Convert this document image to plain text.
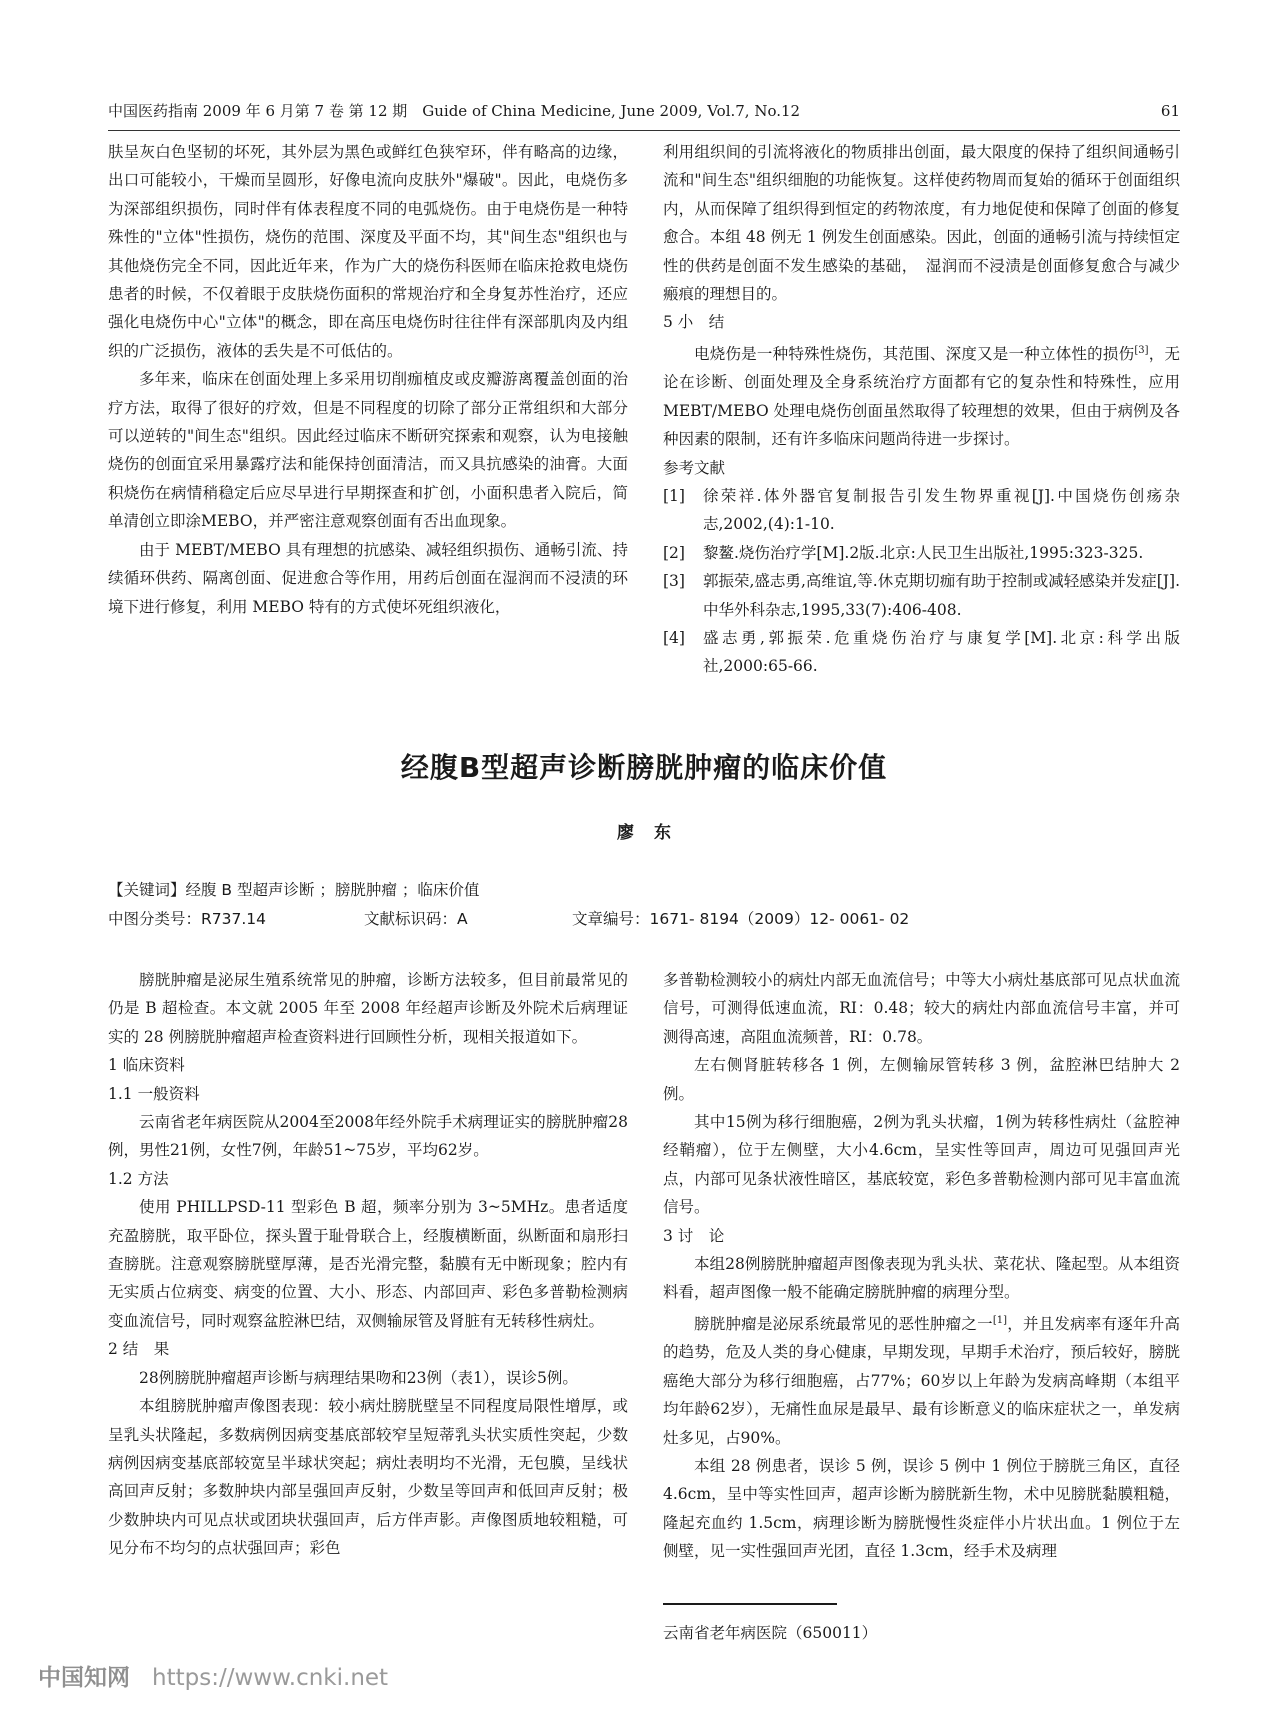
中国医药指南 2009 年 6 月第 7 卷 第 12 期　Guide of China Medicine, June 2009, Vol.7, No.12	61

肤呈灰白色坚韧的坏死，其外层为黑色或鲜红色狭窄环，伴有略高的边缘，出口可能较小，干燥而呈圆形，好像电流向皮肤外"爆破"。因此，电烧伤多为深部组织损伤，同时伴有体表程度不同的电弧烧伤。由于电烧伤是一种特殊性的"立体"性损伤，烧伤的范围、深度及平面不均，其"间生态"组织也与其他烧伤完全不同，因此近年来，作为广大的烧伤科医师在临床抢救电烧伤患者的时候，不仅着眼于皮肤烧伤面积的常规治疗和全身复苏性治疗，还应强化电烧伤中心"立体"的概念，即在高压电烧伤时往往伴有深部肌肉及内组织的广泛损伤，液体的丢失是不可低估的。

多年来，临床在创面处理上多采用切削痂植皮或皮瓣游离覆盖创面的治疗方法，取得了很好的疗效，但是不同程度的切除了部分正常组织和大部分可以逆转的"间生态"组织。因此经过临床不断研究探索和观察，认为电接触烧伤的创面宜采用暴露疗法和能保持创面清洁，而又具抗感染的油膏。大面积烧伤在病情稍稳定后应尽早进行早期探查和扩创，小面积患者入院后，简单清创立即涂MEBO，并严密注意观察创面有否出血现象。

由于 MEBT/MEBO 具有理想的抗感染、减轻组织损伤、通畅引流、持续循环供药、隔离创面、促进愈合等作用，用药后创面在湿润而不浸渍的环境下进行修复，利用 MEBO 特有的方式使坏死组织液化，

利用组织间的引流将液化的物质排出创面，最大限度的保持了组织间通畅引流和"间生态"组织细胞的功能恢复。这样使药物周而复始的循环于创面组织内，从而保障了组织得到恒定的药物浓度，有力地促使和保障了创面的修复愈合。本组 48 例无 1 例发生创面感染。因此，创面的通畅引流与持续恒定性的供药是创面不发生感染的基础，　湿润而不浸渍是创面修复愈合与减少瘢痕的理想目的。

5 小　结

电烧伤是一种特殊性烧伤，其范围、深度又是一种立体性的损伤[3]，无论在诊断、创面处理及全身系统治疗方面都有它的复杂性和特殊性，应用 MEBT/MEBO 处理电烧伤创面虽然取得了较理想的效果，但由于病例及各种因素的限制，还有许多临床问题尚待进一步探讨。

参考文献

[1] 徐荣祥.体外器官复制报告引发生物界重视[J].中国烧伤创疡杂志,2002,(4):1-10.
[2] 黎鳌.烧伤治疗学[M].2版.北京:人民卫生出版社,1995:323-325.
[3] 郭振荣,盛志勇,高维谊,等.休克期切痂有助于控制或减轻感染并发症[J].中华外科杂志,1995,33(7):406-408.
[4] 盛志勇,郭振荣.危重烧伤治疗与康复学[M].北京:科学出版社,2000:65-66.
经腹B型超声诊断膀胱肿瘤的临床价值
廖 东
【关键词】经腹 B 型超声诊断 ；膀胱肿瘤 ；临床价值
中图分类号：R737.14	文献标识码：A	文章编号：1671- 8194（2009）12- 0061- 02

膀胱肿瘤是泌尿生殖系统常见的肿瘤，诊断方法较多，但目前最常见的仍是 B 超检查。本文就 2005 年至 2008 年经超声诊断及外院术后病理证实的 28 例膀胱肿瘤超声检查资料进行回顾性分析，现相关报道如下。

1 临床资料

1.1 一般资料

云南省老年病医院从2004至2008年经外院手术病理证实的膀胱肿瘤28例，男性21例，女性7例，年龄51~75岁，平均62岁。

1.2 方法

使用 PHILLPSD-11 型彩色 B 超，频率分别为 3~5MHz。患者适度充盈膀胱，取平卧位，探头置于耻骨联合上，经腹横断面，纵断面和扇形扫查膀胱。注意观察膀胱壁厚薄，是否光滑完整，黏膜有无中断现象；腔内有无实质占位病变、病变的位置、大小、形态、内部回声、彩色多普勒检测病变血流信号，同时观察盆腔淋巴结，双侧输尿管及肾脏有无转移性病灶。

2 结　果

28例膀胱肿瘤超声诊断与病理结果吻和23例（表1），误诊5例。

本组膀胱肿瘤声像图表现：较小病灶膀胱壁呈不同程度局限性增厚，或呈乳头状隆起，多数病例因病变基底部较窄呈短蒂乳头状实质性突起，少数病例因病变基底部较宽呈半球状突起；病灶表明均不光滑，无包膜，呈线状高回声反射；多数肿块内部呈强回声反射，少数呈等回声和低回声反射；极少数肿块内可见点状或团块状强回声，后方伴声影。声像图质地较粗糙，可见分布不均匀的点状强回声；彩色

多普勒检测较小的病灶内部无血流信号；中等大小病灶基底部可见点状血流信号，可测得低速血流，RI：0.48；较大的病灶内部血流信号丰富，并可测得高速，高阻血流频普，RI：0.78。

左右侧肾脏转移各 1 例，左侧输尿管转移 3 例，盆腔淋巴结肿大 2 例。

其中15例为移行细胞癌，2例为乳头状瘤，1例为转移性病灶（盆腔神经鞘瘤），位于左侧壁，大小4.6cm，呈实性等回声，周边可见强回声光点，内部可见条状液性暗区，基底较宽，彩色多普勒检测内部可见丰富血流信号。

3 讨　论

本组28例膀胱肿瘤超声图像表现为乳头状、菜花状、隆起型。从本组资料看，超声图像一般不能确定膀胱肿瘤的病理分型。

膀胱肿瘤是泌尿系统最常见的恶性肿瘤之一[1]，并且发病率有逐年升高的趋势，危及人类的身心健康，早期发现，早期手术治疗，预后较好，膀胱癌绝大部分为移行细胞癌，占77%；60岁以上年龄为发病高峰期（本组平均年龄62岁），无痛性血尿是最早、最有诊断意义的临床症状之一，单发病灶多见，占90%。

本组 28 例患者，误诊 5 例，误诊 5 例中 1 例位于膀胱三角区，直径 4.6cm，呈中等实性回声，超声诊断为膀胱新生物，术中见膀胱黏膜粗糙，隆起充血约 1.5cm，病理诊断为膀胱慢性炎症伴小片状出血。1 例位于左侧壁，见一实性强回声光团，直径 1.3cm，经手术及病理

云南省老年病医院（650011）
中国知网 https://www.cnki.net
